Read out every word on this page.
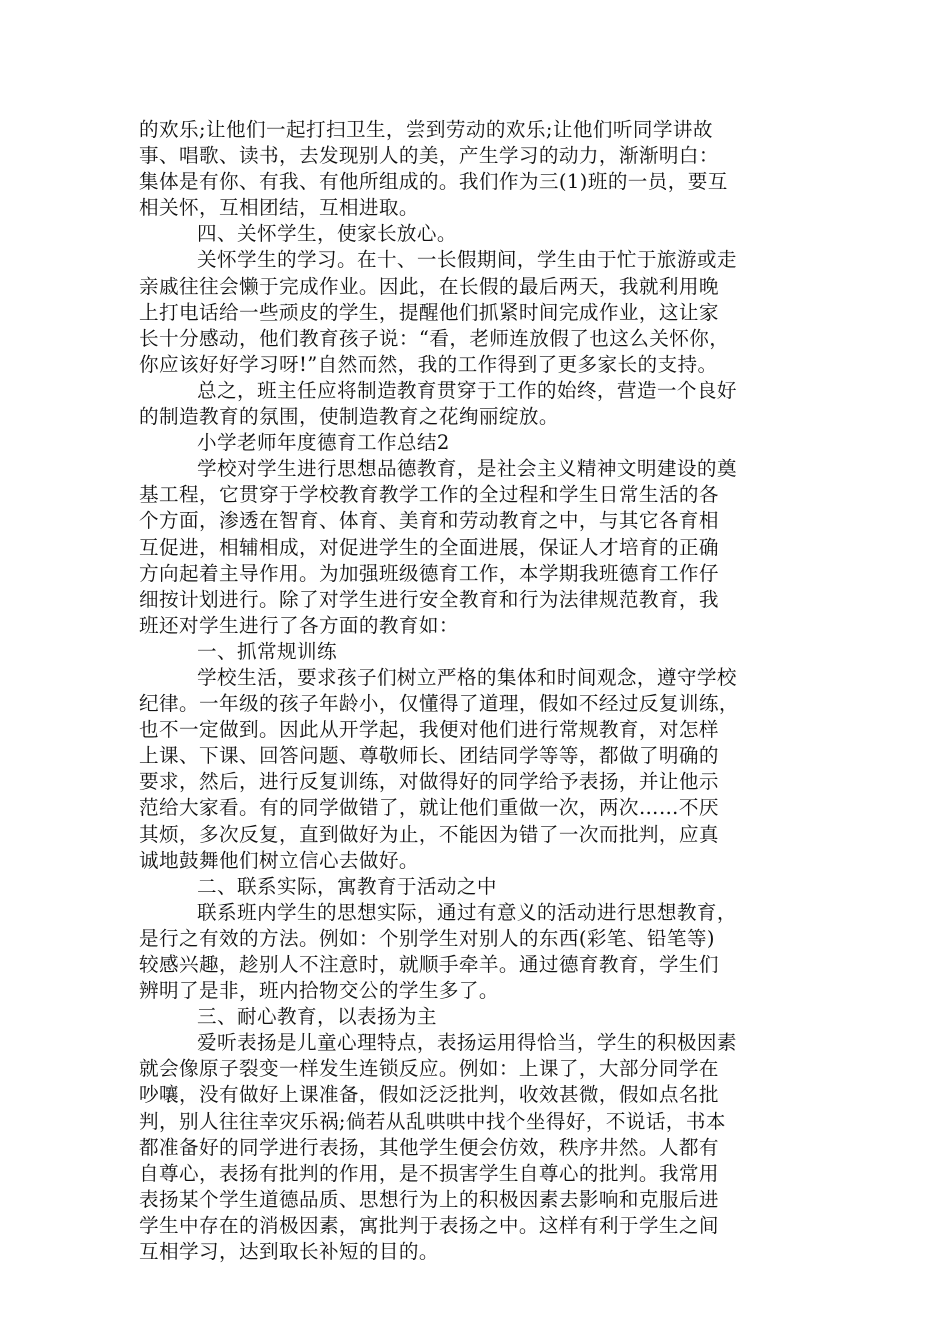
的欢乐;让他们一起打扫卫生，尝到劳动的欢乐;让他们听同学讲故
事、唱歌、读书，去发现别人的美，产生学习的动力，渐渐明白：
集体是有你、有我、有他所组成的。我们作为三(1)班的一员，要互
相关怀，互相团结，互相进取。
四、关怀学生，使家长放心。
关怀学生的学习。在十、一长假期间，学生由于忙于旅游或走
亲戚往往会懒于完成作业。因此，在长假的最后两天，我就利用晚
上打电话给一些顽皮的学生，提醒他们抓紧时间完成作业，这让家
长十分感动，他们教育孩子说：“看，老师连放假了也这么关怀你，
你应该好好学习呀!”自然而然，我的工作得到了更多家长的支持。
总之，班主任应将制造教育贯穿于工作的始终，营造一个良好
的制造教育的氛围，使制造教育之花绚丽绽放。
小学老师年度德育工作总结2
学校对学生进行思想品德教育，是社会主义精神文明建设的奠
基工程，它贯穿于学校教育教学工作的全过程和学生日常生活的各
个方面，渗透在智育、体育、美育和劳动教育之中，与其它各育相
互促进，相辅相成，对促进学生的全面进展，保证人才培育的正确
方向起着主导作用。为加强班级德育工作，本学期我班德育工作仔
细按计划进行。除了对学生进行安全教育和行为法律规范教育，我
班还对学生进行了各方面的教育如：
一、抓常规训练
学校生活，要求孩子们树立严格的集体和时间观念，遵守学校
纪律。一年级的孩子年龄小，仅懂得了道理，假如不经过反复训练，
也不一定做到。因此从开学起，我便对他们进行常规教育，对怎样
上课、下课、回答问题、尊敬师长、团结同学等等，都做了明确的
要求，然后，进行反复训练，对做得好的同学给予表扬，并让他示
范给大家看。有的同学做错了，就让他们重做一次，两次……不厌
其烦，多次反复，直到做好为止，不能因为错了一次而批判，应真
诚地鼓舞他们树立信心去做好。
二、联系实际，寓教育于活动之中
联系班内学生的思想实际，通过有意义的活动进行思想教育，
是行之有效的方法。例如：个别学生对别人的东西(彩笔、铅笔等)
较感兴趣，趁别人不注意时，就顺手牵羊。通过德育教育，学生们
辨明了是非，班内拾物交公的学生多了。
三、耐心教育，以表扬为主
爱听表扬是儿童心理特点，表扬运用得恰当，学生的积极因素
就会像原子裂变一样发生连锁反应。例如：上课了，大部分同学在
吵嚷，没有做好上课准备，假如泛泛批判，收效甚微，假如点名批
判，别人往往幸灾乐祸;倘若从乱哄哄中找个坐得好，不说话，书本
都准备好的同学进行表扬，其他学生便会仿效，秩序井然。人都有
自尊心，表扬有批判的作用，是不损害学生自尊心的批判。我常用
表扬某个学生道德品质、思想行为上的积极因素去影响和克服后进
学生中存在的消极因素，寓批判于表扬之中。这样有利于学生之间
互相学习，达到取长补短的目的。
